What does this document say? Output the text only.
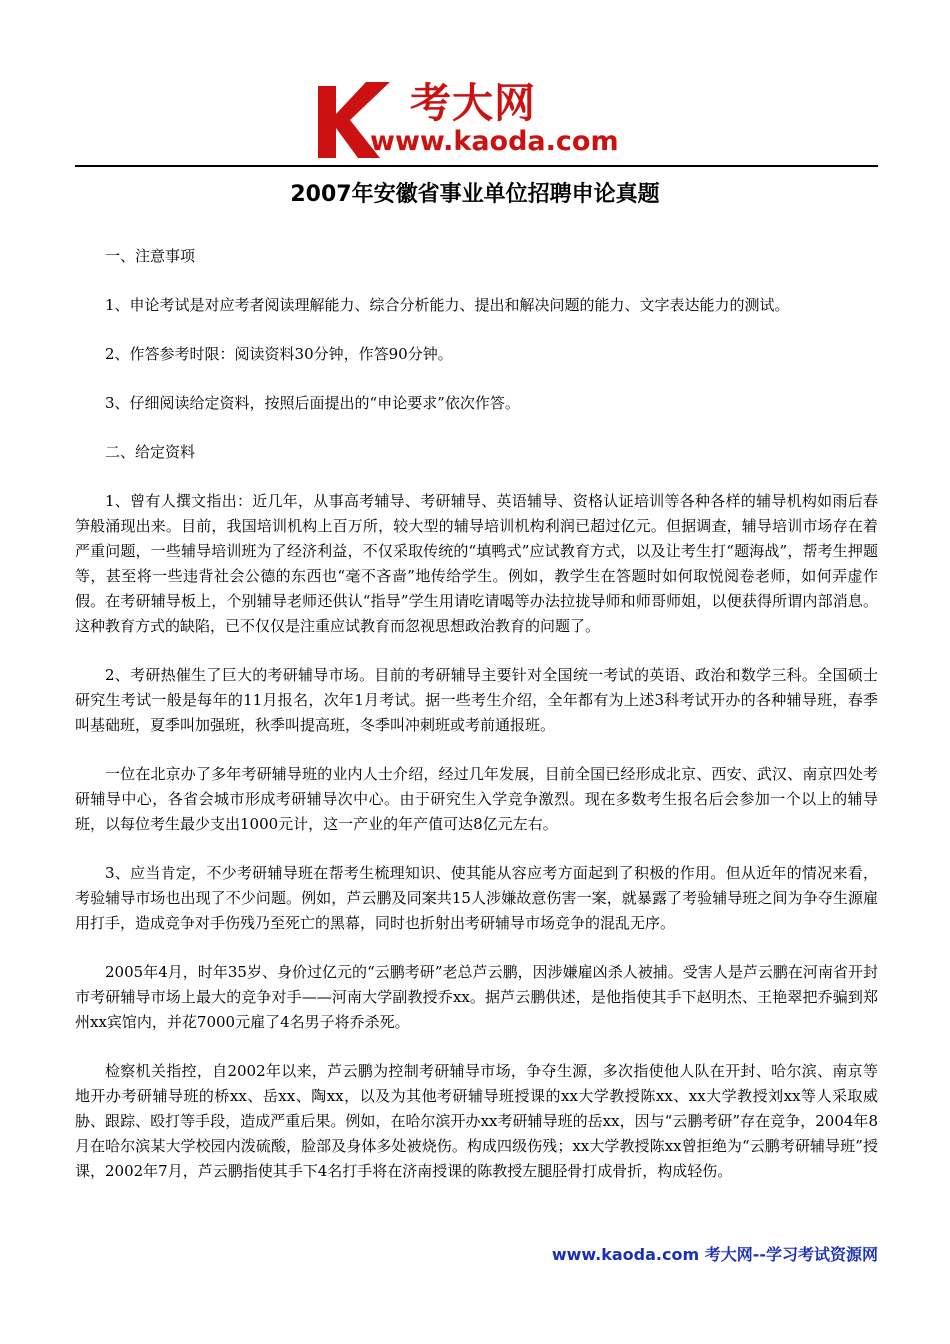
考大网
www.kaoda.com
2007年安徽省事业单位招聘申论真题

一、注意事项

1、申论考试是对应考者阅读理解能力、综合分析能力、提出和解决问题的能力、文字表达能力的测试。

2、作答参考时限：阅读资料30分钟，作答90分钟。

3、仔细阅读给定资料，按照后面提出的“申论要求”依次作答。

二、给定资料

1、曾有人撰文指出：近几年，从事高考辅导、考研辅导、英语辅导、资格认证培训等各种各样的辅导机构如雨后春笋般涌现出来。目前，我国培训机构上百万所，较大型的辅导培训机构利润已超过亿元。但据调查，辅导培训市场存在着严重问题，一些辅导培训班为了经济利益，不仅采取传统的“填鸭式”应试教育方式，以及让考生打“题海战”，帮考生押题等，甚至将一些违背社会公德的东西也“毫不吝啬”地传给学生。例如，教学生在答题时如何取悦阅卷老师，如何弄虚作假。在考研辅导板上，个别辅导老师还供认“指导”学生用请吃请喝等办法拉拢导师和师哥师姐，以便获得所谓内部消息。这种教育方式的缺陷，已不仅仅是注重应试教育而忽视思想政治教育的问题了。

2、考研热催生了巨大的考研辅导市场。目前的考研辅导主要针对全国统一考试的英语、政治和数学三科。全国硕士研究生考试一般是每年的11月报名，次年1月考试。据一些考生介绍，全年都有为上述3科考试开办的各种辅导班，春季叫基础班，夏季叫加强班，秋季叫提高班，冬季叫冲刺班或考前通报班。

一位在北京办了多年考研辅导班的业内人士介绍，经过几年发展，目前全国已经形成北京、西安、武汉、南京四处考研辅导中心，各省会城市形成考研辅导次中心。由于研究生入学竞争激烈。现在多数考生报名后会参加一个以上的辅导班，以每位考生最少支出1000元计，这一产业的年产值可达8亿元左右。

3、应当肯定，不少考研辅导班在帮考生梳理知识、使其能从容应考方面起到了积极的作用。但从近年的情况来看，考验辅导市场也出现了不少问题。例如，芦云鹏及同案共15人涉嫌故意伤害一案，就暴露了考验辅导班之间为争夺生源雇用打手，造成竞争对手伤残乃至死亡的黑幕，同时也折射出考研辅导市场竞争的混乱无序。

2005年4月，时年35岁、身价过亿元的“云鹏考研”老总芦云鹏，因涉嫌雇凶杀人被捕。受害人是芦云鹏在河南省开封市考研辅导市场上最大的竞争对手——河南大学副教授乔xx。据芦云鹏供述，是他指使其手下赵明杰、王艳翠把乔骗到郑州xx宾馆内，并花7000元雇了4名男子将乔杀死。

检察机关指控，自2002年以来，芦云鹏为控制考研辅导市场，争夺生源，多次指使他人队在开封、哈尔滨、南京等地开办考研辅导班的桥xx、岳xx、陶xx，以及为其他考研辅导班授课的xx大学教授陈xx、xx大学教授刘xx等人采取威胁、跟踪、殴打等手段，造成严重后果。例如，在哈尔滨开办xx考研辅导班的岳xx，因与“云鹏考研”存在竞争，2004年8月在哈尔滨某大学校园内泼硫酸，脸部及身体多处被烧伤。构成四级伤残；xx大学教授陈xx曾拒绝为“云鹏考研辅导班”授课，2002年7月，芦云鹏指使其手下4名打手将在济南授课的陈教授左腿胫骨打成骨折，构成轻伤。

www.kaoda.com 考大网--学习考试资源网
